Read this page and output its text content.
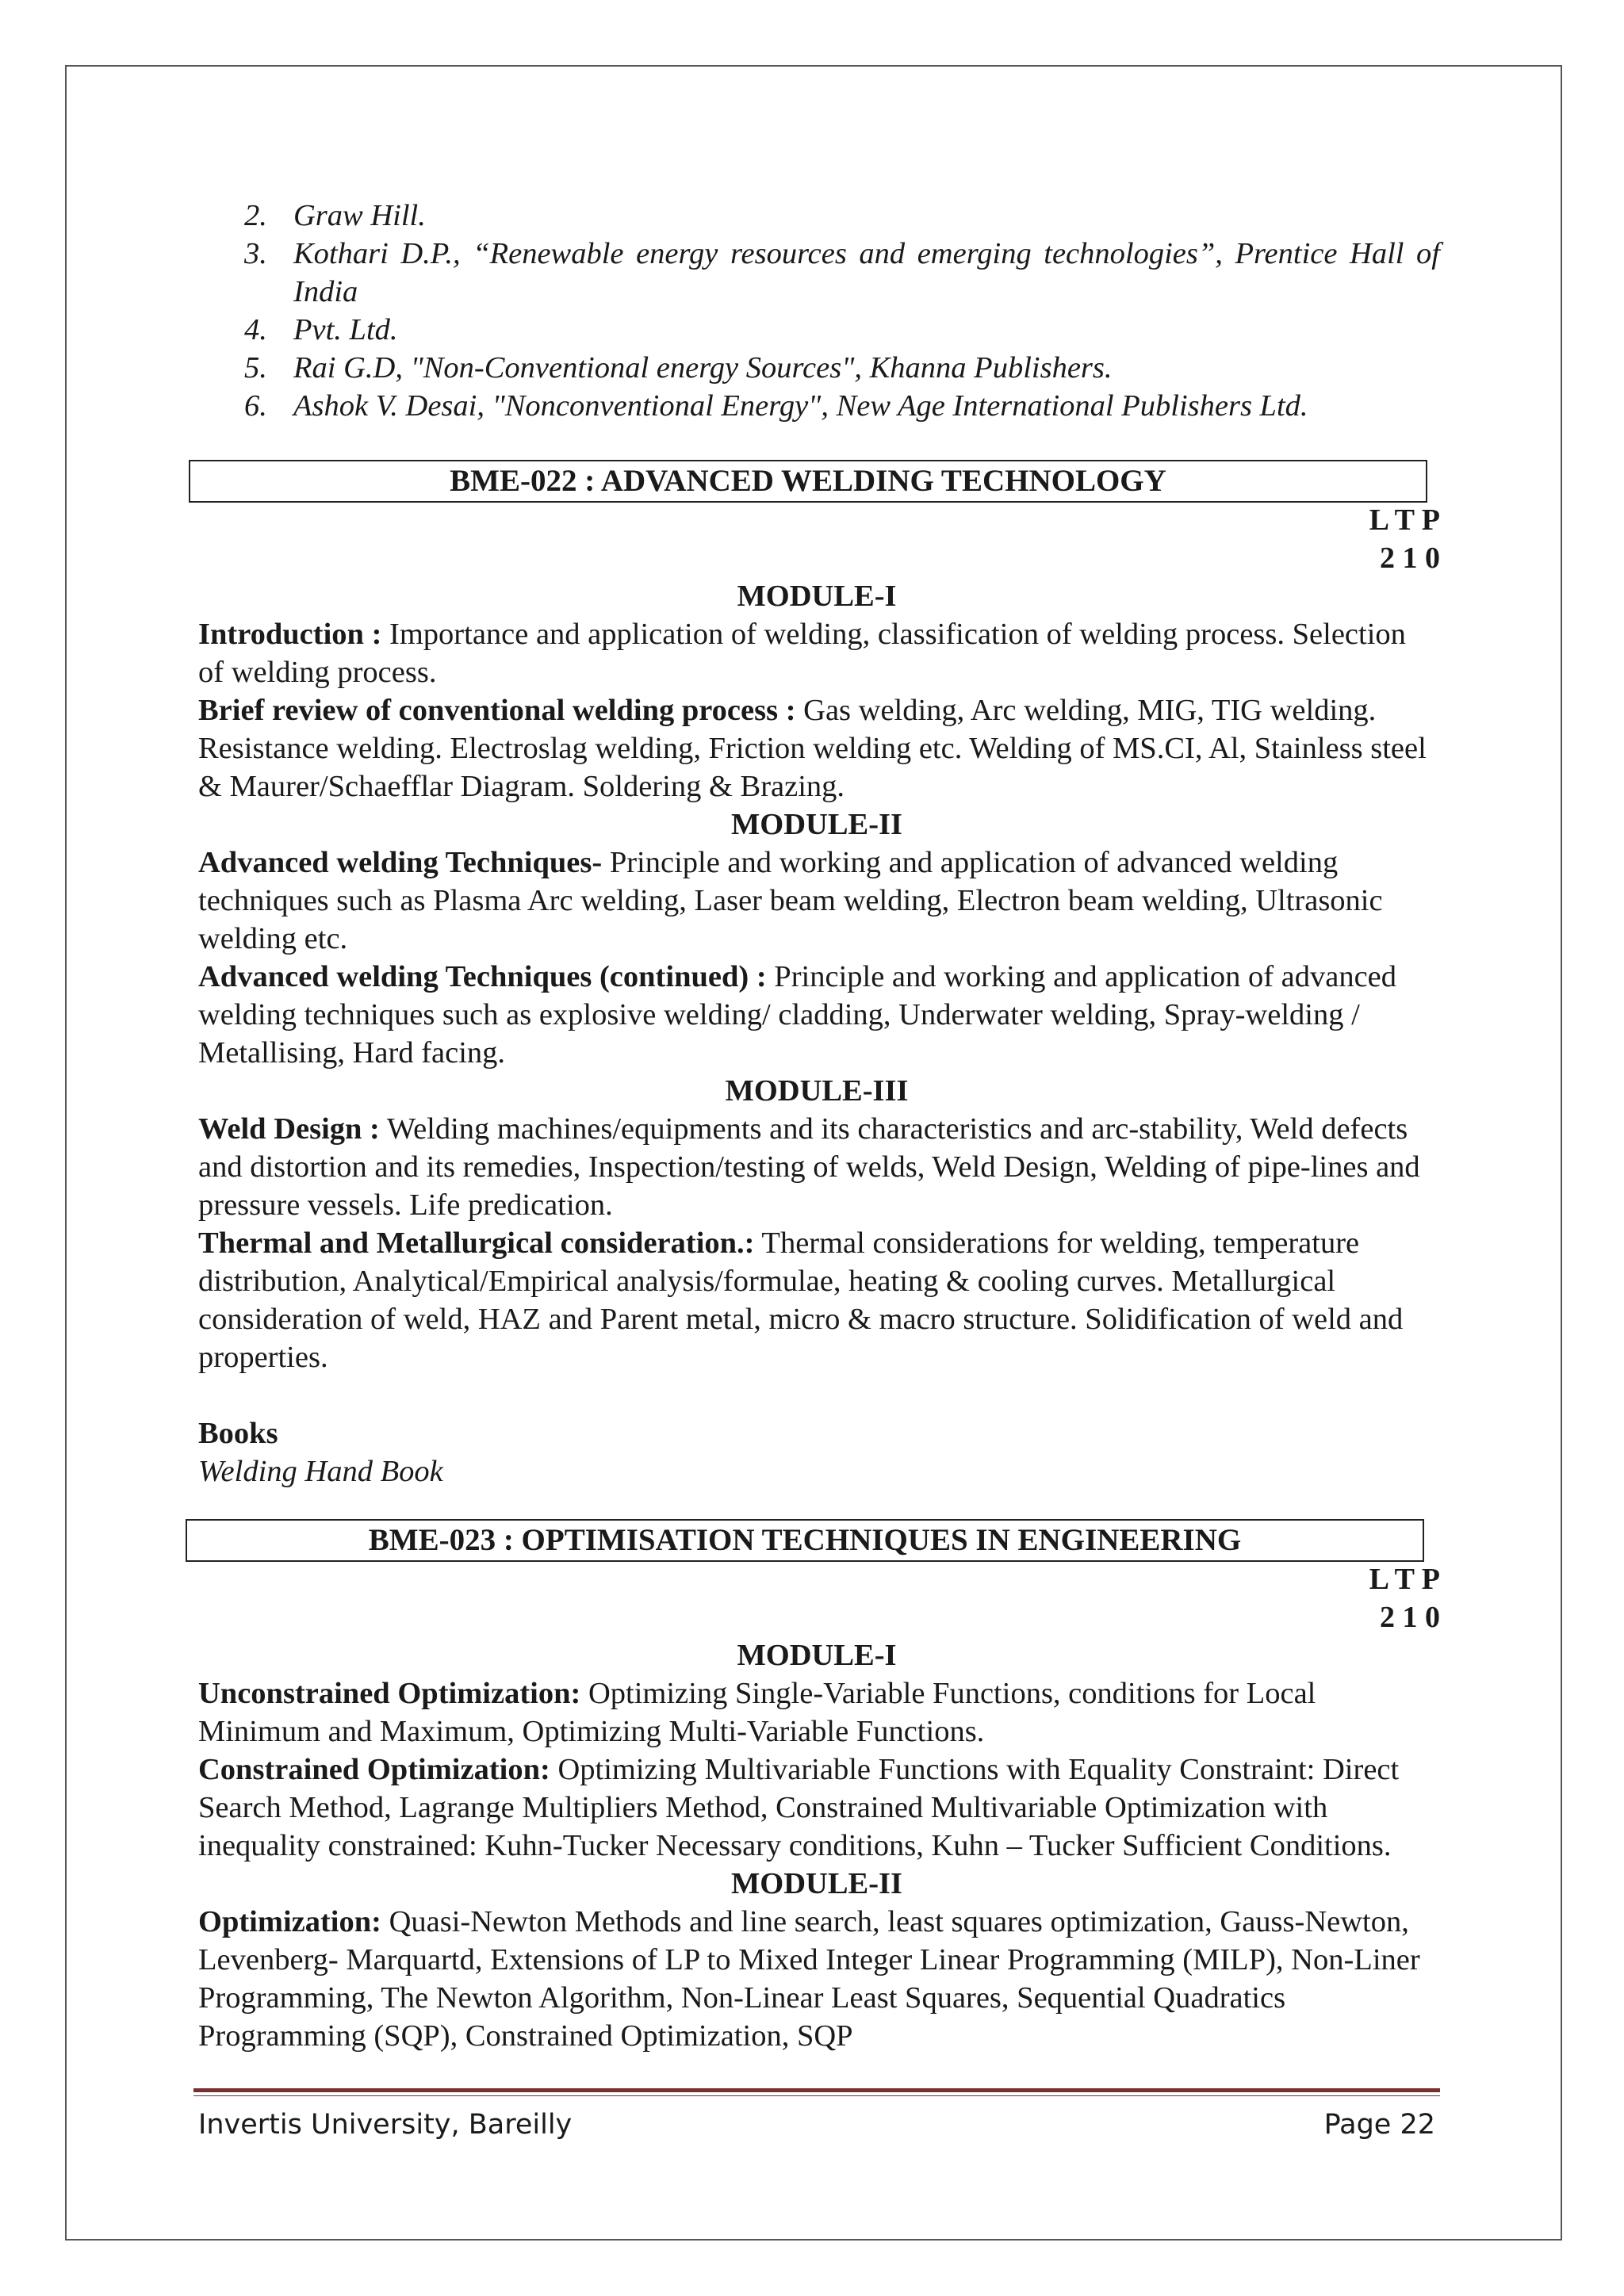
2. Graw Hill.
3. Kothari D.P., “Renewable energy resources and emerging technologies”, Prentice Hall of India
4. Pvt. Ltd.
5. Rai G.D, "Non-Conventional energy Sources", Khanna Publishers.
6. Ashok V. Desai, "Nonconventional Energy", New Age International Publishers Ltd.
BME-022 : ADVANCED WELDING TECHNOLOGY
L T P
2 1 0

MODULE-I

Introduction : Importance and application of welding, classification of welding process. Selection of welding process.

Brief review of conventional welding process : Gas welding, Arc welding, MIG, TIG welding. Resistance welding. Electroslag welding, Friction welding etc. Welding of MS.CI, Al, Stainless steel & Maurer/Schaefflar Diagram. Soldering & Brazing.

MODULE-II

Advanced welding Techniques- Principle and working and application of advanced welding techniques such as Plasma Arc welding, Laser beam welding, Electron beam welding, Ultrasonic welding etc.

Advanced welding Techniques (continued) : Principle and working and application of advanced welding techniques such as explosive welding/ cladding, Underwater welding, Spray-welding / Metallising, Hard facing.

MODULE-III

Weld Design : Welding machines/equipments and its characteristics and arc-stability, Weld defects and distortion and its remedies, Inspection/testing of welds, Weld Design, Welding of pipe-lines and pressure vessels. Life predication.

Thermal and Metallurgical consideration.: Thermal considerations for welding, temperature distribution, Analytical/Empirical analysis/formulae, heating & cooling curves. Metallurgical consideration of weld, HAZ and Parent metal, micro & macro structure. Solidification of weld and properties.

Books

Welding Hand Book

BME-023 : OPTIMISATION TECHNIQUES IN ENGINEERING
L T P
2 1 0

MODULE-I

Unconstrained Optimization: Optimizing Single-Variable Functions, conditions for Local Minimum and Maximum, Optimizing Multi-Variable Functions.

Constrained Optimization: Optimizing Multivariable Functions with Equality Constraint: Direct Search Method, Lagrange Multipliers Method, Constrained Multivariable Optimization with inequality constrained: Kuhn-Tucker Necessary conditions, Kuhn – Tucker Sufficient Conditions.

MODULE-II

Optimization: Quasi-Newton Methods and line search, least squares optimization, Gauss-Newton, Levenberg- Marquartd, Extensions of LP to Mixed Integer Linear Programming (MILP), Non-Liner Programming, The Newton Algorithm, Non-Linear Least Squares, Sequential Quadratics Programming (SQP), Constrained Optimization, SQP

Invertis University, Bareilly	Page 22
